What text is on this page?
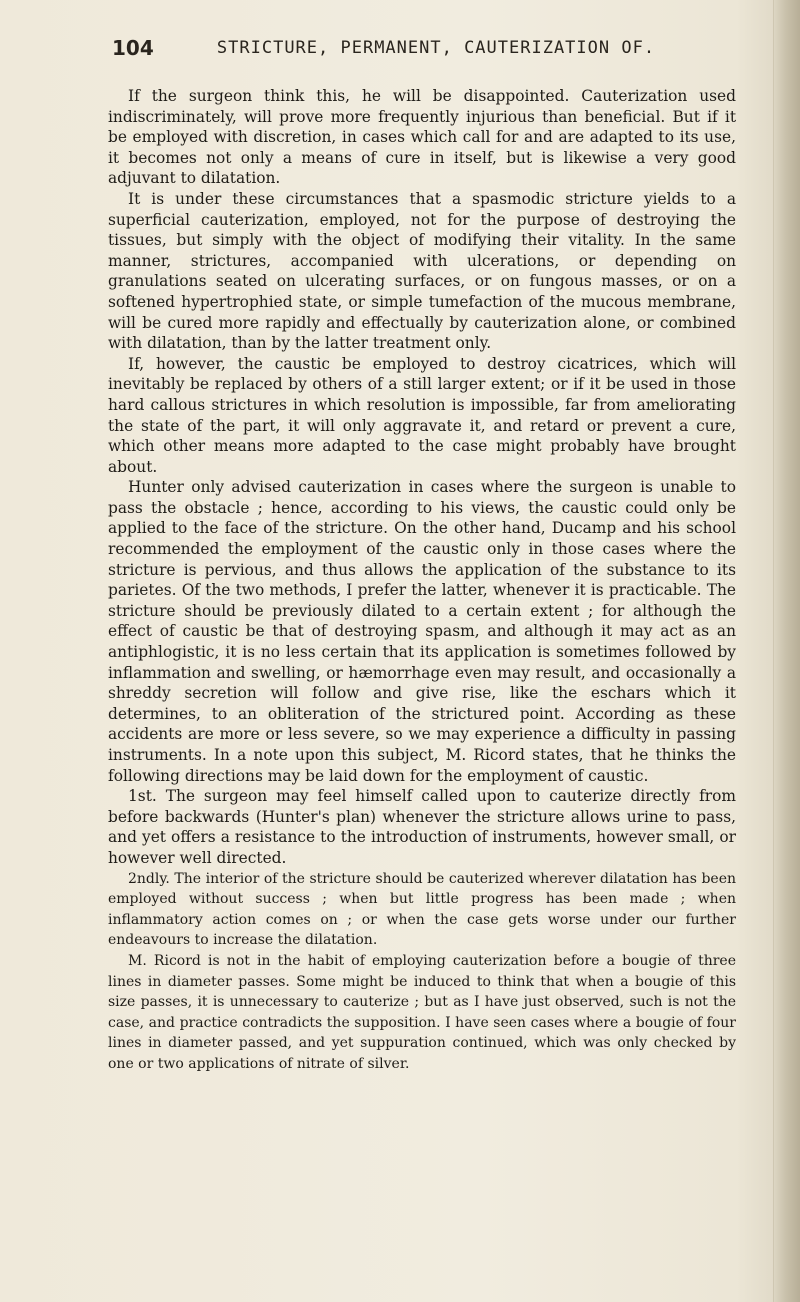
104	STRICTURE, PERMANENT, CAUTERIZATION OF.

If the surgeon think this, he will be disappointed. Cauterization used indiscriminately, will prove more frequently injurious than beneficial. But if it be employed with discretion, in cases which call for and are adapted to its use, it becomes not only a means of cure in itself, but is likewise a very good adjuvant to dilatation.

It is under these circumstances that a spasmodic stricture yields to a superficial cauterization, employed, not for the purpose of destroying the tissues, but simply with the object of modifying their vitality. In the same manner, strictures, accompanied with ulcerations, or depending on granulations seated on ulcerating surfaces, or on fungous masses, or on a softened hypertrophied state, or simple tumefaction of the mucous membrane, will be cured more rapidly and effectually by cauterization alone, or combined with dilatation, than by the latter treatment only.

If, however, the caustic be employed to destroy cicatrices, which will inevitably be replaced by others of a still larger extent; or if it be used in those hard callous strictures in which resolution is impossible, far from ameliorating the state of the part, it will only aggravate it, and retard or prevent a cure, which other means more adapted to the case might probably have brought about.

Hunter only advised cauterization in cases where the surgeon is unable to pass the obstacle ; hence, according to his views, the caustic could only be applied to the face of the stricture. On the other hand, Ducamp and his school recommended the employment of the caustic only in those cases where the stricture is pervious, and thus allows the application of the substance to its parietes. Of the two methods, I prefer the latter, whenever it is practicable. The stricture should be previously dilated to a certain extent ; for although the effect of caustic be that of destroying spasm, and although it may act as an antiphlogistic, it is no less certain that its application is sometimes followed by inflammation and swelling, or hæmorrhage even may result, and occasionally a shreddy secretion will follow and give rise, like the eschars which it determines, to an obliteration of the strictured point. According as these accidents are more or less severe, so we may experience a difficulty in passing instruments. In a note upon this subject, M. Ricord states, that he thinks the following directions may be laid down for the employment of caustic.

1st. The surgeon may feel himself called upon to cauterize directly from before backwards (Hunter's plan) whenever the stricture allows urine to pass, and yet offers a resistance to the introduction of instruments, however small, or however well directed.

2ndly. The interior of the stricture should be cauterized wherever dilatation has been employed without success ; when but little progress has been made ; when inflammatory action comes on ; or when the case gets worse under our further endeavours to increase the dilatation.

M. Ricord is not in the habit of employing cauterization before a bougie of three lines in diameter passes. Some might be induced to think that when a bougie of this size passes, it is unnecessary to cauterize ; but as I have just observed, such is not the case, and practice contradicts the supposition. I have seen cases where a bougie of four lines in diameter passed, and yet suppuration continued, which was only checked by one or two applications of nitrate of silver.
